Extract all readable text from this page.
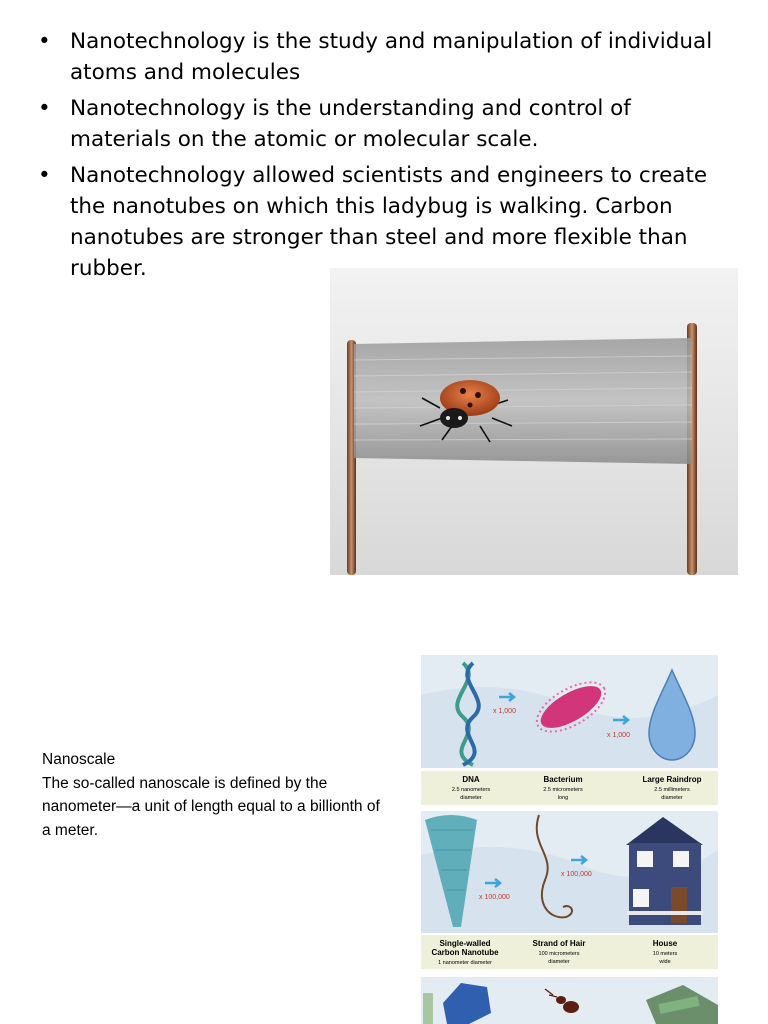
• Nanotechnology is the study and manipulation of individual atoms and molecules
• Nanotechnology is the understanding and control of materials on the atomic or molecular scale.
• Nanotechnology allowed scientists and engineers to create the nanotubes on which this ladybug is walking. Carbon nanotubes are stronger than steel and more flexible than rubber.
Nanoscale
The so-called nanoscale is defined by the nanometer—a unit of length equal to a billionth of a meter.
x 1,000
x 1,000
DNA
2.5 nanometers
diameter
Bacterium
2.5 micrometers
long
Large Raindrop
2.5 millimeters
diameter
x 100,000
x 100,000
Single-walled
Carbon Nanotube
1 nanometer diameter
Strand of Hair
100 micrometers
diameter
House
10 meters
wide
